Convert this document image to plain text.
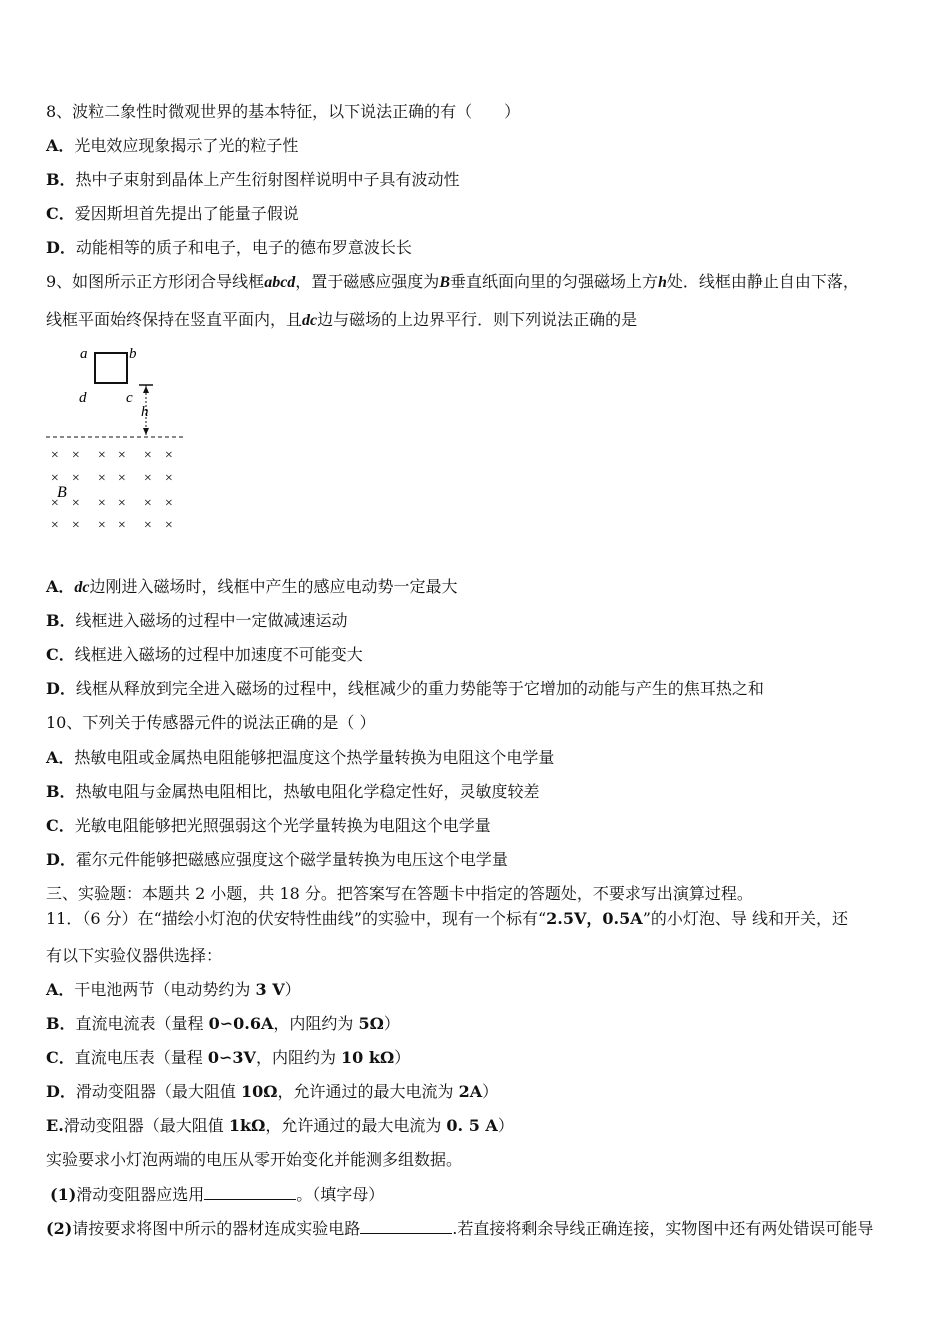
8、波粒二象性时微观世界的基本特征，以下说法正确的有（　　）
A．光电效应现象揭示了光的粒子性
B．热中子束射到晶体上产生衍射图样说明中子具有波动性
C．爱因斯坦首先提出了能量子假说
D．动能相等的质子和电子，电子的德布罗意波长长
9、如图所示正方形闭合导线框abcd，置于磁感应强度为B垂直纸面向里的匀强磁场上方h处．线框由静止自由下落，
线框平面始终保持在竖直平面内，且dc边与磁场的上边界平行．则下列说法正确的是
a	b
d	c
h
× × × × × ×
× × × × × ×
× × × × × ×
× × × × × ×
B
A．dc边刚进入磁场时，线框中产生的感应电动势一定最大
B．线框进入磁场的过程中一定做减速运动
C．线框进入磁场的过程中加速度不可能变大
D．线框从释放到完全进入磁场的过程中，线框减少的重力势能等于它增加的动能与产生的焦耳热之和
10、下列关于传感器元件的说法正确的是（ ）
A．热敏电阻或金属热电阻能够把温度这个热学量转换为电阻这个电学量
B．热敏电阻与金属热电阻相比，热敏电阻化学稳定性好，灵敏度较差
C．光敏电阻能够把光照强弱这个光学量转换为电阻这个电学量
D．霍尔元件能够把磁感应强度这个磁学量转换为电压这个电学量
三、实验题：本题共 2 小题，共 18 分。把答案写在答题卡中指定的答题处，不要求写出演算过程。
11．（6 分）在“描绘小灯泡的伏安特性曲线”的实验中，现有一个标有“2.5V，0.5A”的小灯泡、导 线和开关，还
有以下实验仪器供选择：
A．干电池两节（电动势约为 3 V）
B．直流电流表（量程 0∽0.6A，内阻约为 5Ω）
C．直流电压表（量程 0∽3V，内阻约为 10 kΩ）
D．滑动变阻器（最大阻值 10Ω，允许通过的最大电流为 2A）
E.滑动变阻器（最大阻值 1kΩ，允许通过的最大电流为 0. 5 A）
实验要求小灯泡两端的电压从零开始变化并能测多组数据。
(1)滑动变阻器应选用	。（填字母）
(2)请按要求将图中所示的器材连成实验电路	.若直接将剩余导线正确连接，实物图中还有两处错误可能导
